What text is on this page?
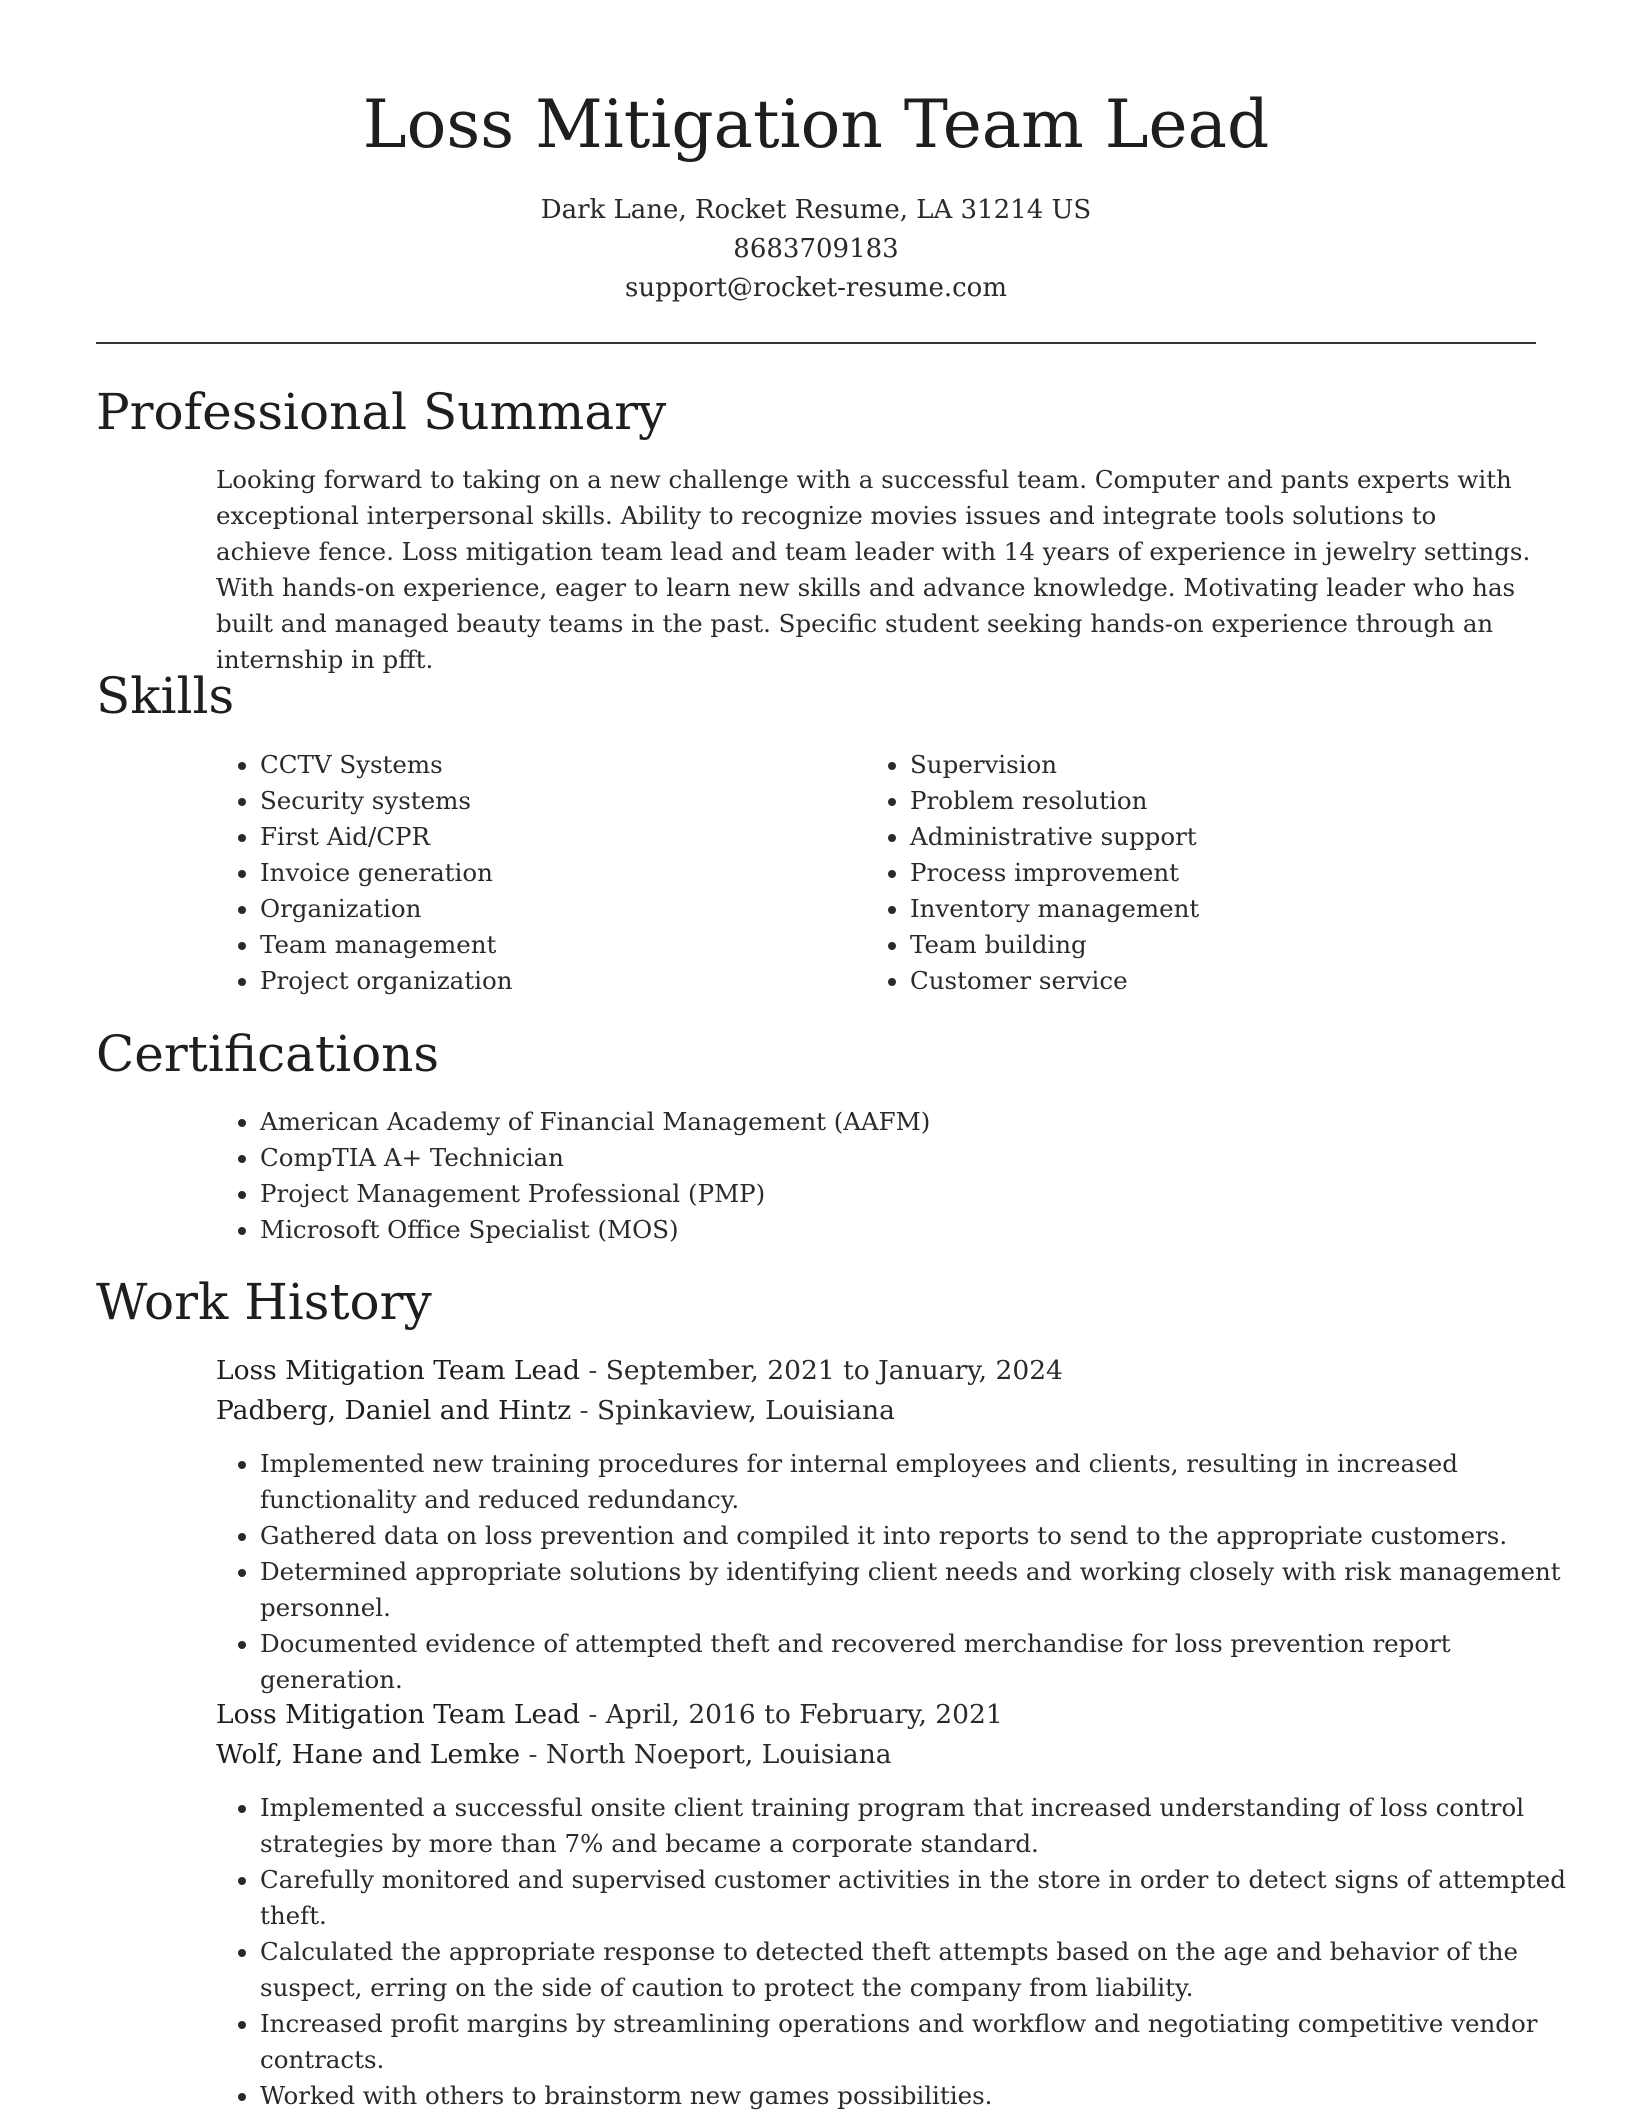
Loss Mitigation Team Lead
Dark Lane, Rocket Resume, LA 31214 US
8683709183
support@rocket-resume.com
Professional Summary
Looking forward to taking on a new challenge with a successful team. Computer and pants experts with exceptional interpersonal skills. Ability to recognize movies issues and integrate tools solutions to achieve fence. Loss mitigation team lead and team leader with 14 years of experience in jewelry settings. With hands-on experience, eager to learn new skills and advance knowledge. Motivating leader who has built and managed beauty teams in the past. Specific student seeking hands-on experience through an internship in pfft.
Skills
• CCTV Systems
• Security systems
• First Aid/CPR
• Invoice generation
• Organization
• Team management
• Project organization
• Supervision
• Problem resolution
• Administrative support
• Process improvement
• Inventory management
• Team building
• Customer service
Certifications
• American Academy of Financial Management (AAFM)
• CompTIA A+ Technician
• Project Management Professional (PMP)
• Microsoft Office Specialist (MOS)
Work History
Loss Mitigation Team Lead - September, 2021 to January, 2024
Padberg, Daniel and Hintz - Spinkaview, Louisiana
• Implemented new training procedures for internal employees and clients, resulting in increased functionality and reduced redundancy.
• Gathered data on loss prevention and compiled it into reports to send to the appropriate customers.
• Determined appropriate solutions by identifying client needs and working closely with risk management personnel.
• Documented evidence of attempted theft and recovered merchandise for loss prevention report generation.
Loss Mitigation Team Lead - April, 2016 to February, 2021
Wolf, Hane and Lemke - North Noeport, Louisiana
• Implemented a successful onsite client training program that increased understanding of loss control strategies by more than 7% and became a corporate standard.
• Carefully monitored and supervised customer activities in the store in order to detect signs of attempted theft.
• Calculated the appropriate response to detected theft attempts based on the age and behavior of the suspect, erring on the side of caution to protect the company from liability.
• Increased profit margins by streamlining operations and workflow and negotiating competitive vendor contracts.
• Worked with others to brainstorm new games possibilities.
